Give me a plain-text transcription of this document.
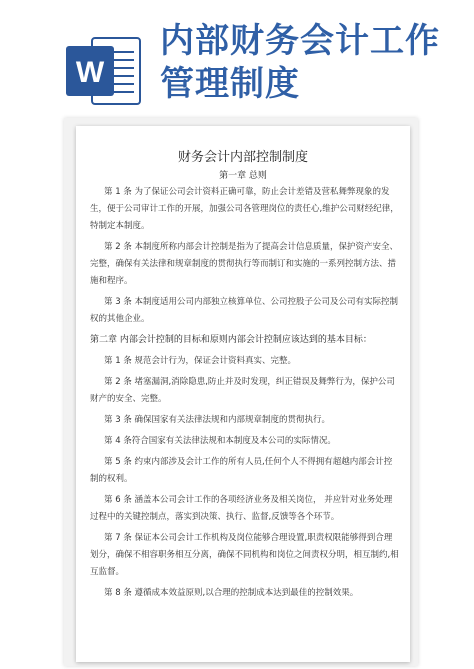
W
内部财务会计工作
管理制度
财务会计内部控制制度
第一章 总则

第 1 条 为了保证公司会计资料正确可靠，防止会计差错及营私舞弊现象的发生，便于公司审计工作的开展，加强公司各管理岗位的责任心,维护公司财经纪律，特制定本制度。

第 2 条 本制度所称内部会计控制是指为了提高会计信息质量，保护资产安全、完整，确保有关法律和规章制度的贯彻执行等而制订和实施的一系列控制方法、措施和程序。

第 3 条 本制度适用公司内部独立核算单位、公司控股子公司及公司有实际控制权的其他企业。

第二章 内部会计控制的目标和原则内部会计控制应该达到的基本目标：

第 1 条 规范会计行为，保证会计资料真实、完整。

第 2 条 堵塞漏洞,消除隐患,防止并及时发现，纠正错误及舞弊行为，保护公司财产的安全、完整。

第 3 条 确保国家有关法律法规和内部规章制度的贯彻执行。

第 4 条符合国家有关法律法规和本制度及本公司的实际情况。

第 5 条 约束内部涉及会计工作的所有人员,任何个人不得拥有超越内部会计控制的权利。

第 6 条 涵盖本公司会计工作的各项经济业务及相关岗位， 并应针对业务处理过程中的关键控制点，落实到决策、执行、监督,反馈等各个环节。

第 7 条 保证本公司会计工作机构及岗位能够合理设置,职责权限能够得到合理划分，确保不相容职务相互分离，确保不同机构和岗位之间责权分明，相互制约,相互监督。

第 8 条 遵循成本效益原则,以合理的控制成本达到最佳的控制效果。
